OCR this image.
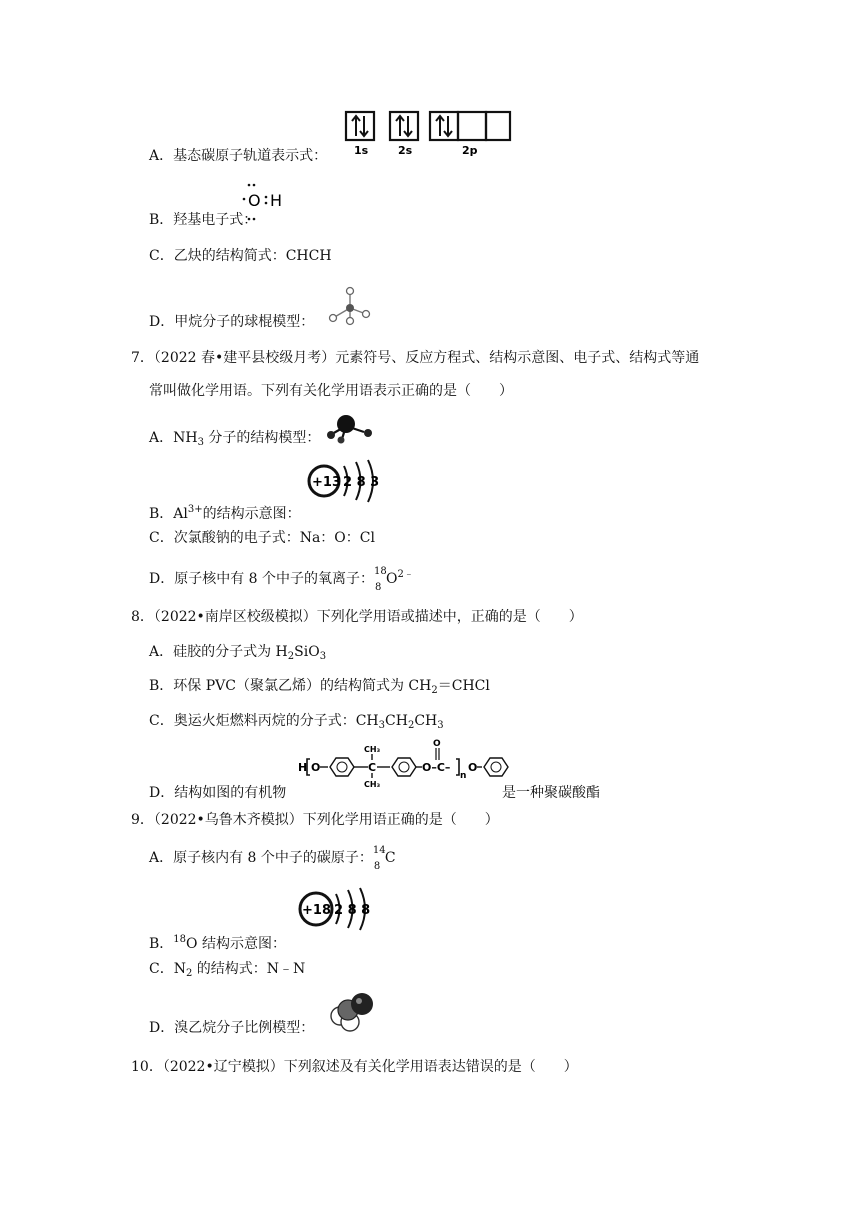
1s	2s	2p
A．基态碳原子轨道表示式：
O H
B．羟基电子式：
C．乙炔的结构简式：CHCH
D．甲烷分子的球棍模型：
7．（2022 春•建平县校级月考）元素符号、反应方程式、结构示意图、电子式、结构式等通
常叫做化学用语。下列有关化学用语表示正确的是（　　）
A．$NH_3$ 分子的结构模型：
+13 2 8 3
B．$Al^{3+}$的结构示意图：
C．次氯酸钠的电子式：Na：O：Cl
D．原子核中有 8 个中子的氧离子： 18
8
$O^{2﹣}$
8．（2022•南岸区校级模拟）下列化学用语或描述中，正确的是（　　）
A．硅胶的分子式为 $H_2SiO_3$
B．环保 PVC（聚氯乙烯）的结构简式为 $CH_2=CHCl$
C．奥运火炬燃料丙烷的分子式：$CH_3CH_2CH_3$
D．结构如图的有机物
H O	C
CH₃
CH₃
O–C–
O
n
O
是一种聚碳酸酯
9．（2022•乌鲁木齐模拟）下列化学用语正确的是（　　）
A．原子核内有 8 个中子的碳原子： 14
8
C
+18 2 8 8
B．$^{18}$O 结构示意图：
C．$N_2$ 的结构式：N﹣N
D．溴乙烷分子比例模型：
10．（2022•辽宁模拟）下列叙述及有关化学用语表达错误的是（　　）
